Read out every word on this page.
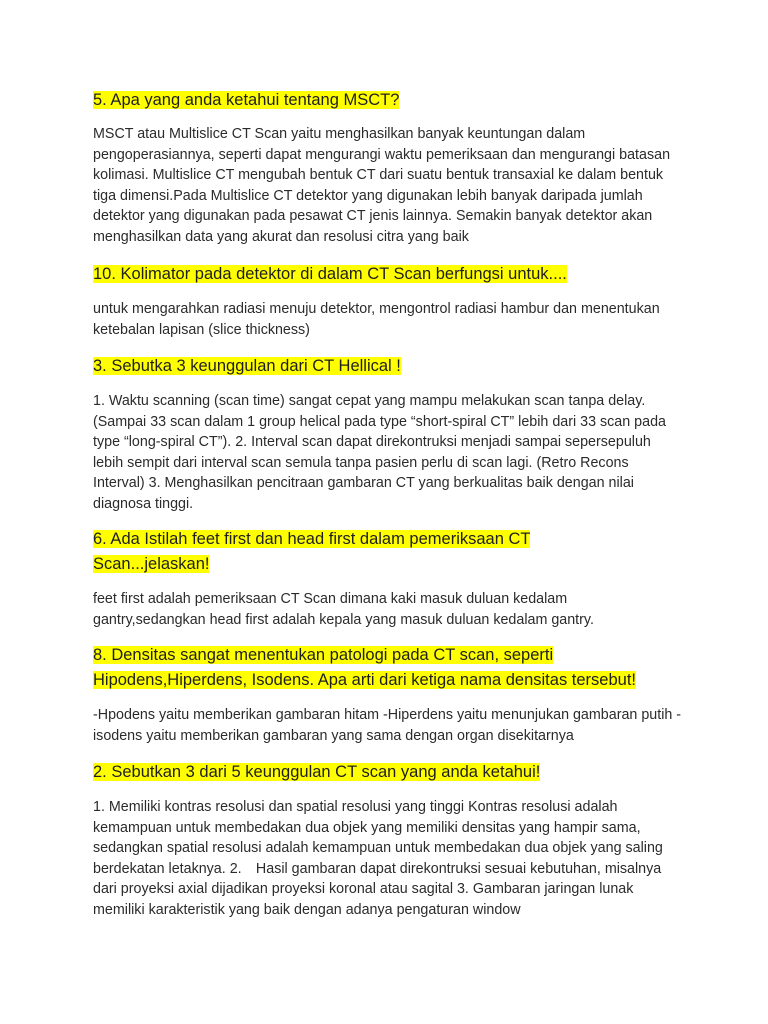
5. Apa yang anda ketahui tentang MSCT?

MSCT atau Multislice CT Scan yaitu menghasilkan banyak keuntungan dalam pengoperasiannya, seperti dapat mengurangi waktu pemeriksaan dan mengurangi batasan kolimasi. Multislice CT mengubah bentuk CT dari suatu bentuk transaxial ke dalam bentuk tiga dimensi.Pada Multislice CT detektor yang digunakan lebih banyak daripada jumlah detektor yang digunakan pada pesawat CT jenis lainnya. Semakin banyak detektor akan menghasilkan data yang akurat dan resolusi citra yang baik

10. Kolimator pada detektor di dalam CT Scan berfungsi untuk....

untuk mengarahkan radiasi menuju detektor, mengontrol radiasi hambur dan menentukan ketebalan lapisan (slice thickness)

3. Sebutka 3 keunggulan dari CT Hellical !

1. Waktu scanning (scan time) sangat cepat yang mampu melakukan scan tanpa delay. (Sampai 33 scan dalam 1 group helical pada type “short-spiral CT” lebih dari 33 scan pada type “long-spiral CT”). 2. Interval scan dapat direkontruksi menjadi sampai sepersepuluh lebih sempit dari interval scan semula tanpa pasien perlu di scan lagi. (Retro Recons Interval) 3. Menghasilkan pencitraan gambaran CT yang berkualitas baik dengan nilai diagnosa tinggi.

6. Ada Istilah feet first dan head first dalam pemeriksaan CT Scan...jelaskan!

feet first adalah pemeriksaan CT Scan dimana kaki masuk duluan kedalam gantry,sedangkan head first adalah kepala yang masuk duluan kedalam gantry.

8. Densitas sangat menentukan patologi pada CT scan, seperti Hipodens,Hiperdens, Isodens. Apa arti dari ketiga nama densitas tersebut!

-Hpodens yaitu memberikan gambaran hitam -Hiperdens yaitu menunjukan gambaran putih -isodens yaitu memberikan gambaran yang sama dengan organ disekitarnya

2. Sebutkan 3 dari 5 keunggulan CT scan yang anda ketahui!

1. Memiliki kontras resolusi dan spatial resolusi yang tinggi Kontras resolusi adalah kemampuan untuk membedakan dua objek yang memiliki densitas yang hampir sama, sedangkan spatial resolusi adalah kemampuan untuk membedakan dua objek yang saling berdekatan letaknya. 2. Hasil gambaran dapat direkontruksi sesuai kebutuhan, misalnya dari proyeksi axial dijadikan proyeksi koronal atau sagital 3. Gambaran jaringan lunak memiliki karakteristik yang baik dengan adanya pengaturan window
